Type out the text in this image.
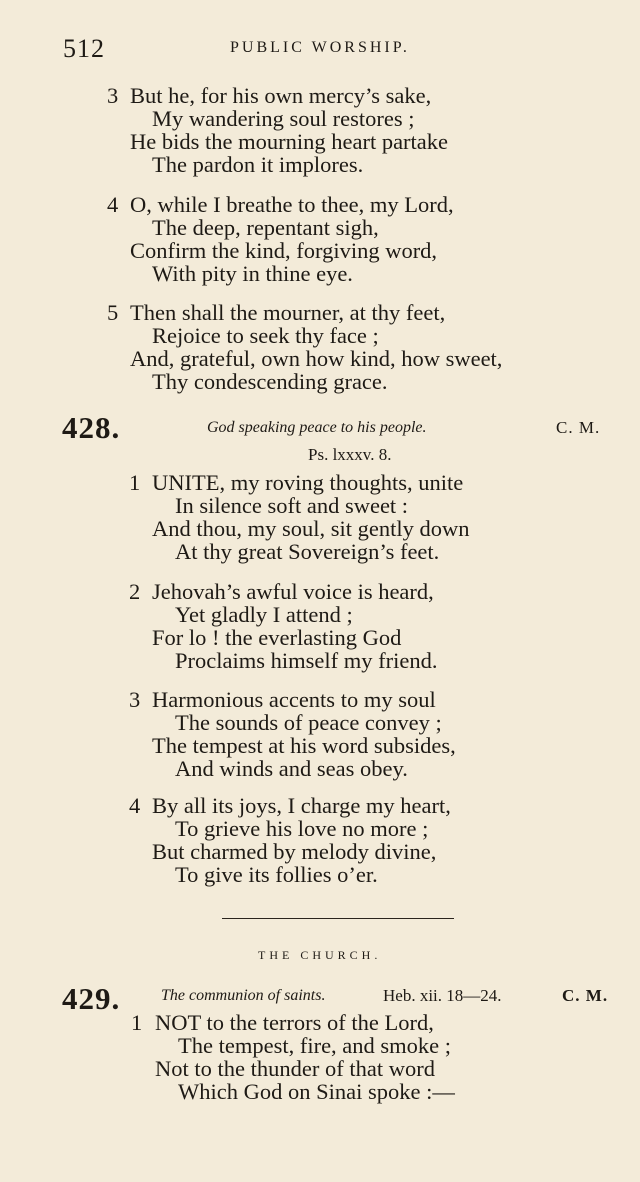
512	PUBLIC WORSHIP.
3 But he, for his own mercy’s sake,
My wandering soul restores ;
He bids the mourning heart partake
The pardon it implores.
4 O, while I breathe to thee, my Lord,
The deep, repentant sigh,
Confirm the kind, forgiving word,
With pity in thine eye.
5 Then shall the mourner, at thy feet,
Rejoice to seek thy face ;
And, grateful, own how kind, how sweet,
Thy condescending grace.
428.	God speaking peace to his people.	C. M.
Ps. lxxxv. 8.
1 UNITE, my roving thoughts, unite
In silence soft and sweet :
And thou, my soul, sit gently down
At thy great Sovereign’s feet.
2 Jehovah’s awful voice is heard,
Yet gladly I attend ;
For lo ! the everlasting God
Proclaims himself my friend.
3 Harmonious accents to my soul
The sounds of peace convey ;
The tempest at his word subsides,
And winds and seas obey.
4 By all its joys, I charge my heart,
To grieve his love no more ;
But charmed by melody divine,
To give its follies o’er.
THE CHURCH.
429.	The communion of saints.	Heb. xii. 18—24.	C. M.
1 NOT to the terrors of the Lord,
The tempest, fire, and smoke ;
Not to the thunder of that word
Which God on Sinai spoke :—
